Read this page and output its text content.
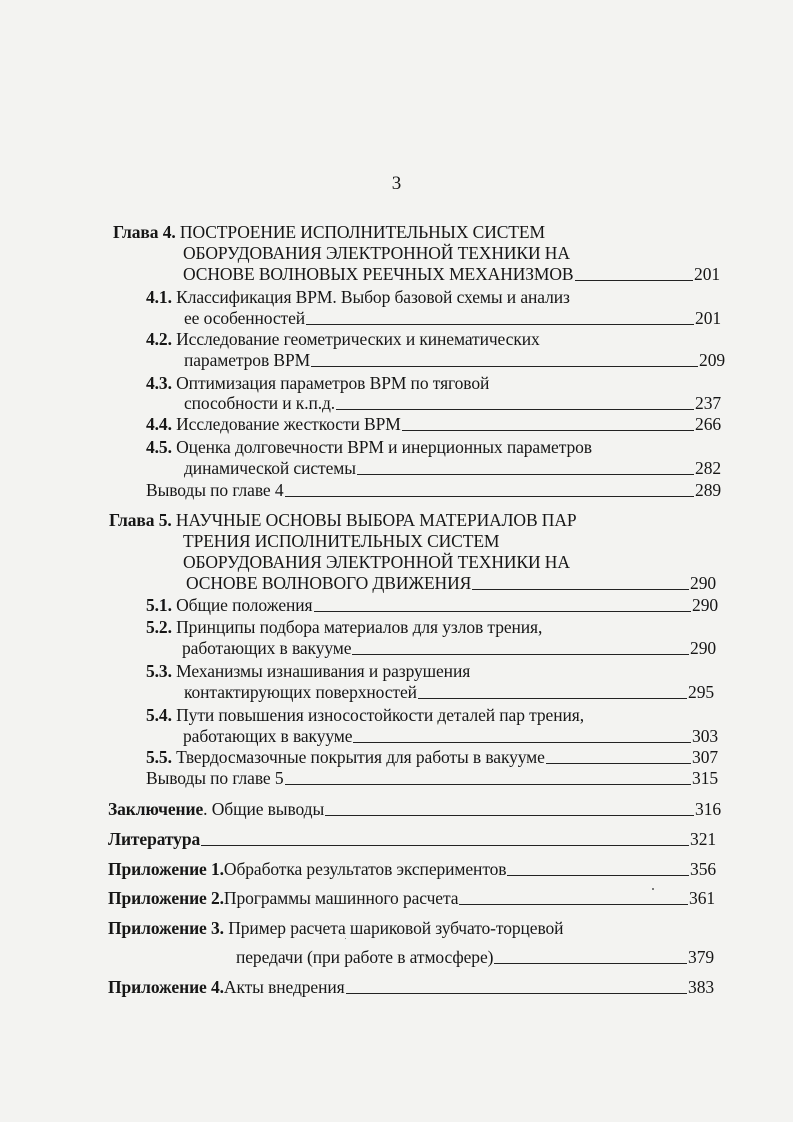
3
Глава 4. ПОСТРОЕНИЕ ИСПОЛНИТЕЛЬНЫХ СИСТЕМ
ОБОРУДОВАНИЯ ЭЛЕКТРОННОЙ ТЕХНИКИ НА
ОСНОВЕ ВОЛНОВЫХ РЕЕЧНЫХ МЕХАНИЗМОВ	201
4.1. Классификация ВРМ. Выбор базовой схемы и анализ
ее особенностей	201
4.2. Исследование геометрических и кинематических
параметров ВРМ	209
4.3. Оптимизация параметров ВРМ по тяговой
способности и к.п.д.	237
4.4.
Исследование жесткости ВРМ	266
4.5. Оценка долговечности ВРМ и инерционных параметров
динамической системы	282
Выводы по главе 4	289
Глава 5. НАУЧНЫЕ ОСНОВЫ ВЫБОРА МАТЕРИАЛОВ ПАР
ТРЕНИЯ ИСПОЛНИТЕЛЬНЫХ СИСТЕМ
ОБОРУДОВАНИЯ ЭЛЕКТРОННОЙ ТЕХНИКИ НА
ОСНОВЕ ВОЛНОВОГО ДВИЖЕНИЯ	290
5.1.
Общие положения	290
5.2. Принципы подбора материалов для узлов трения,
работающих в вакууме	290
5.3. Механизмы изнашивания и разрушения
контактирующих поверхностей	295
5.4. Пути повышения износостойкости деталей пар трения,
работающих в вакууме	303
5.5.
Твердосмазочные покрытия для работы в вакууме	307
Выводы по главе 5	315
Заключение . Общие выводы	316
Литература	321
Приложение 1. Обработка результатов экспериментов	356
Приложение 2. Программы машинного расчета	361
Приложение 3. Пример расчета шариковой зубчато-торцевой
передачи (при работе в атмосфере)	379
Приложение 4. Акты внедрения	383
